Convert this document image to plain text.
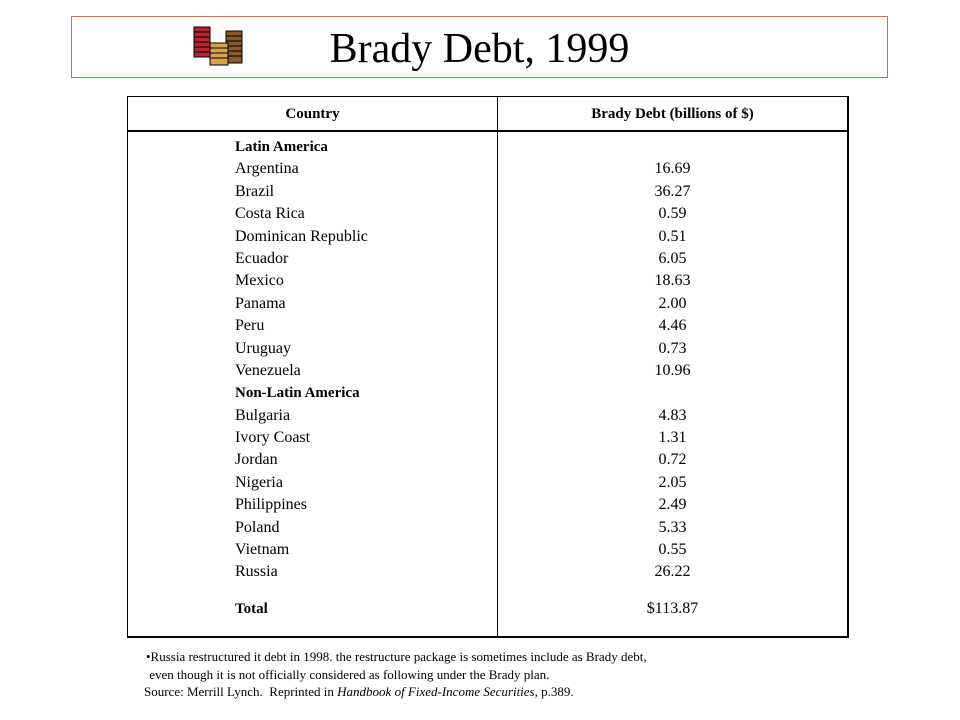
Brady Debt, 1999
Country	Brady Debt (billions of $)
Latin America
Argentina
Brazil
Costa Rica
Dominican Republic
Ecuador
Mexico
Panama
Peru
Uruguay
Venezuela
Non-Latin America
Bulgaria
Ivory Coast
Jordan
Nigeria
Philippines
Poland
Vietnam
Russia
Total
16.69
36.27
0.59
0.51
6.05
18.63
2.00
4.46
0.73
10.96
4.83
1.31
0.72
2.05
2.49
5.33
0.55
26.22
$113.87
•Russia restructured it debt in 1998. the restructure package is sometimes include as Brady debt,
even though it is not officially considered as following under the Brady plan.
Source: Merrill Lynch.  Reprinted in Handbook of Fixed-Income Securities, p.389.
